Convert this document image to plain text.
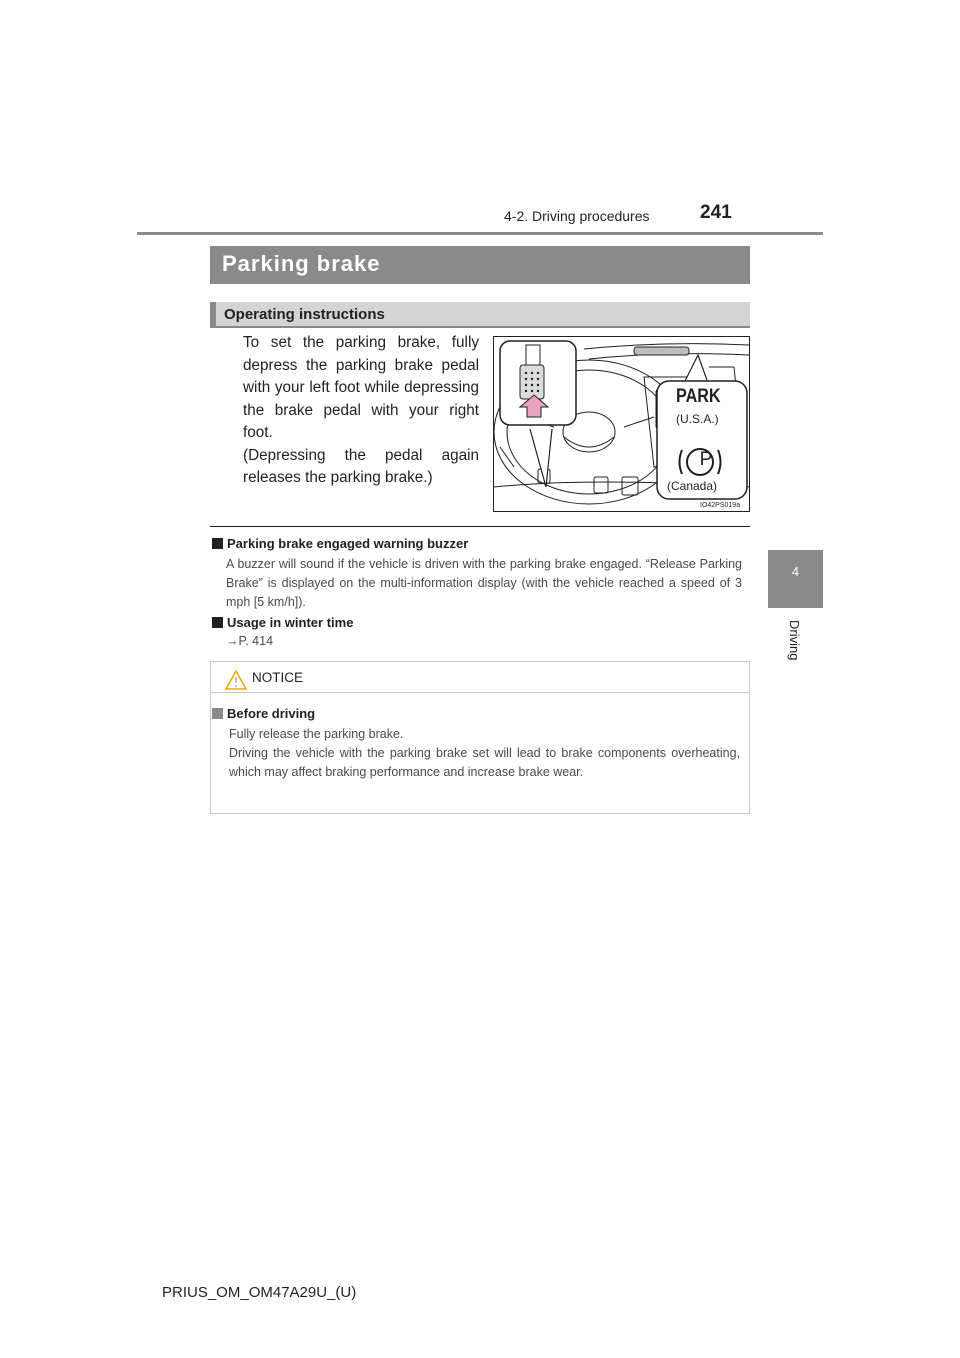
4-2. Driving procedures	241
4
Driving
Parking brake
Operating instructions

To set the parking brake, fully depress the parking brake pedal with your left foot while depressing the brake pedal with your right foot.

(Depressing the pedal again releases the parking brake.)

PARK
(U.S.A.)
P
(Canada)
IO42PS019a
Parking brake engaged warning buzzer
A buzzer will sound if the vehicle is driven with the parking brake engaged. “Release Parking Brake” is displayed on the multi-information display (with the vehicle reached a speed of 3 mph [5 km/h]).
Usage in winter time
→P. 414
NOTICE
Before driving

Fully release the parking brake.

Driving the vehicle with the parking brake set will lead to brake components overheating, which may affect braking performance and increase brake wear.

PRIUS_OM_OM47A29U_(U)
